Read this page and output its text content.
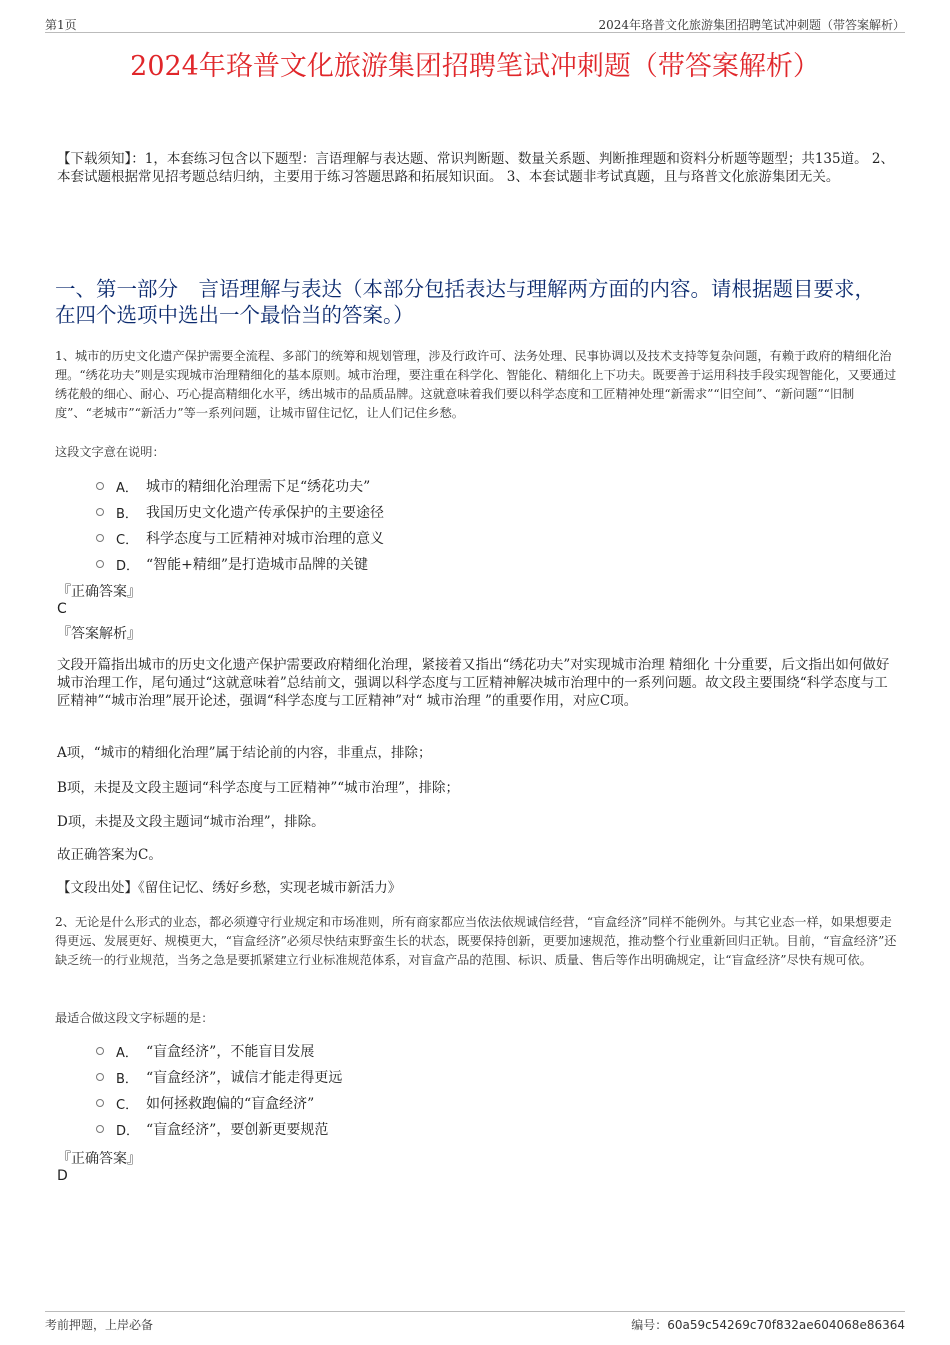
第1页	2024年珞普文化旅游集团招聘笔试冲刺题（带答案解析）
2024年珞普文化旅游集团招聘笔试冲刺题（带答案解析）
【下载须知】：1，本套练习包含以下题型：言语理解与表达题、常识判断题、数量关系题、判断推理题和资料分析题等题型；共135道。 2、本套试题根据常见招考题总结归纳，主要用于练习答题思路和拓展知识面。 3、本套试题非考试真题，且与珞普文化旅游集团无关。
一、第一部分　言语理解与表达（本部分包括表达与理解两方面的内容。请根据题目要求，在四个选项中选出一个最恰当的答案。）
1、城市的历史文化遗产保护需要全流程、多部门的统筹和规划管理，涉及行政许可、法务处理、民事协调以及技术支持等复杂问题，有赖于政府的精细化治理。“绣花功夫”则是实现城市治理精细化的基本原则。城市治理，要注重在科学化、智能化、精细化上下功夫。既要善于运用科技手段实现智能化，又要通过绣花般的细心、耐心、巧心提高精细化水平，绣出城市的品质品牌。这就意味着我们要以科学态度和工匠精神处理“新需求”“旧空间”、“新问题”“旧制度”、“老城市”“新活力”等一系列问题，让城市留住记忆，让人们记住乡愁。
这段文字意在说明：
A． 城市的精细化治理需下足“绣花功夫”
B． 我国历史文化遗产传承保护的主要途径
C． 科学态度与工匠精神对城市治理的意义
D． “智能+精细”是打造城市品牌的关键
『正确答案』
C
『答案解析』
文段开篇指出城市的历史文化遗产保护需要政府精细化治理，紧接着又指出“绣花功夫”对实现城市治理 精细化 十分重要，后文指出如何做好城市治理工作，尾句通过“这就意味着”总结前文，强调以科学态度与工匠精神解决城市治理中的一系列问题。故文段主要围绕“科学态度与工匠精神”“城市治理”展开论述，强调“科学态度与工匠精神”对“ 城市治理 ”的重要作用，对应C项。
A项，“城市的精细化治理”属于结论前的内容，非重点，排除；
B项，未提及文段主题词“科学态度与工匠精神”“城市治理”，排除；
D项，未提及文段主题词“城市治理”，排除。
故正确答案为C。
【文段出处】《留住记忆、绣好乡愁，实现老城市新活力》
2、无论是什么形式的业态，都必须遵守行业规定和市场准则，所有商家都应当依法依规诚信经营，“盲盒经济”同样不能例外。与其它业态一样，如果想要走得更远、发展更好、规模更大，“盲盒经济”必须尽快结束野蛮生长的状态，既要保持创新，更要加速规范，推动整个行业重新回归正轨。目前，“盲盒经济”还缺乏统一的行业规范，当务之急是要抓紧建立行业标准规范体系，对盲盒产品的范围、标识、质量、售后等作出明确规定，让“盲盒经济”尽快有规可依。
最适合做这段文字标题的是：
A． “盲盒经济”，不能盲目发展
B． “盲盒经济”，诚信才能走得更远
C． 如何拯救跑偏的“盲盒经济”
D． “盲盒经济”，要创新更要规范
『正确答案』
D
考前押题，上岸必备	编号：60a59c54269c70f832ae604068e86364
